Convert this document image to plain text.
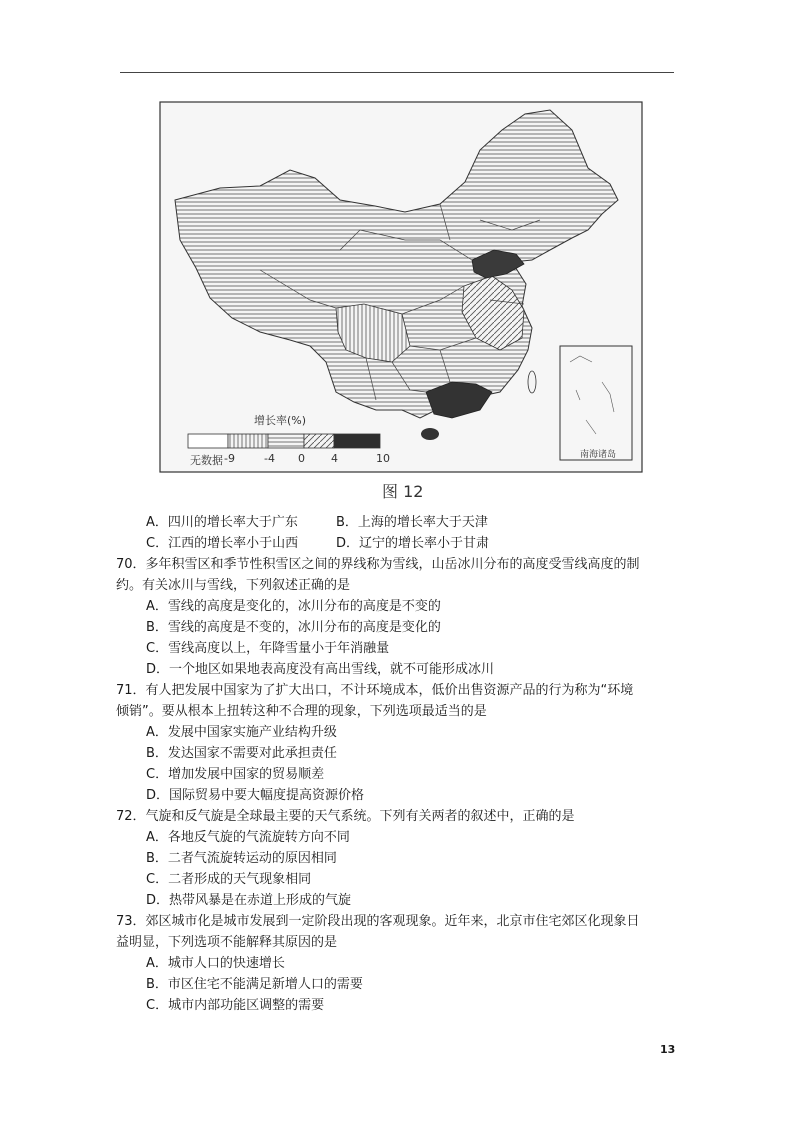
增长率(%)
无数据 -9	-4 0 4	10	南海诸岛
图 12
A．四川的增长率大于广东	B．上海的增长率大于天津
C．江西的增长率小于山西	D．辽宁的增长率小于甘肃
70．多年积雪区和季节性积雪区之间的界线称为雪线，山岳冰川分布的高度受雪线高度的制
约。有关冰川与雪线，下列叙述正确的是
A．雪线的高度是变化的，冰川分布的高度是不变的
B．雪线的高度是不变的，冰川分布的高度是变化的
C．雪线高度以上，年降雪量小于年消融量
D．一个地区如果地表高度没有高出雪线，就不可能形成冰川
71．有人把发展中国家为了扩大出口，不计环境成本，低价出售资源产品的行为称为“环境
倾销”。要从根本上扭转这种不合理的现象，下列选项最适当的是
A．发展中国家实施产业结构升级
B．发达国家不需要对此承担责任
C．增加发展中国家的贸易顺差
D．国际贸易中要大幅度提高资源价格
72．气旋和反气旋是全球最主要的天气系统。下列有关两者的叙述中，正确的是
A．各地反气旋的气流旋转方向不同
B．二者气流旋转运动的原因相同
C．二者形成的天气现象相同
D．热带风暴是在赤道上形成的气旋
73．郊区城市化是城市发展到一定阶段出现的客观现象。近年来，北京市住宅郊区化现象日
益明显，下列选项不能解释其原因的是
A．城市人口的快速增长
B．市区住宅不能满足新增人口的需要
C．城市内部功能区调整的需要
13
